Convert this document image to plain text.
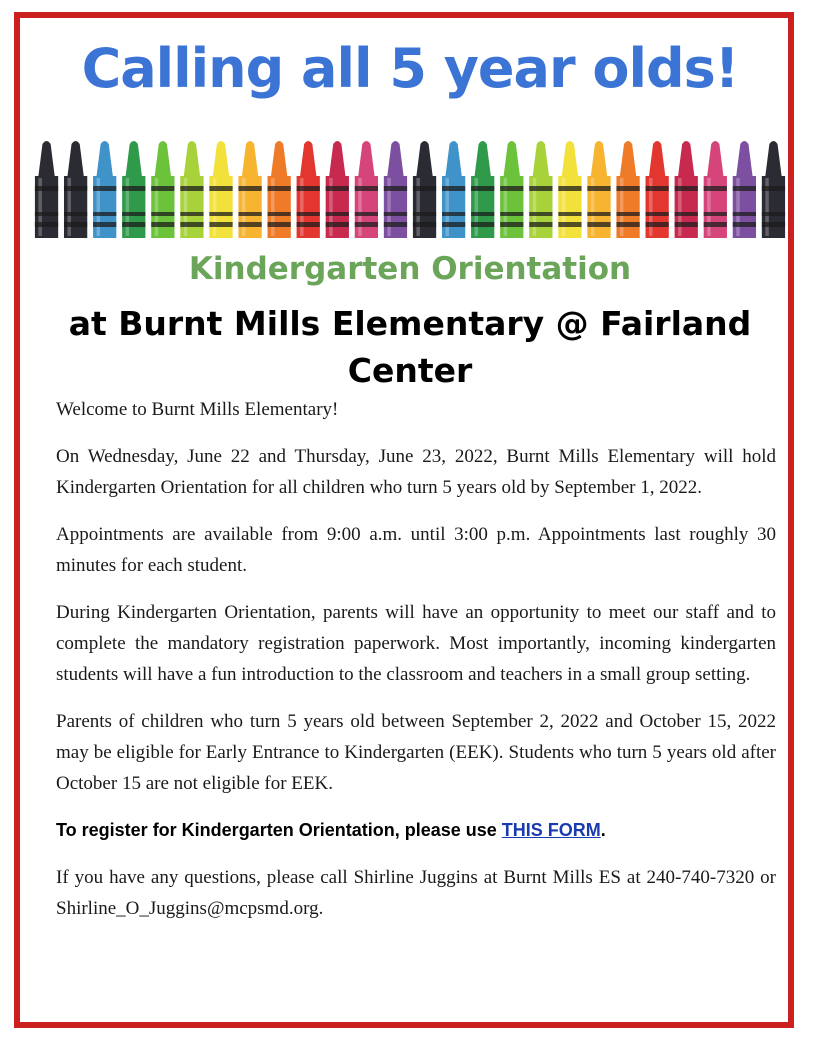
Calling all 5 year olds!
Kindergarten Orientation
at Burnt Mills Elementary @ Fairland Center

Welcome to Burnt Mills Elementary!

On Wednesday, June 22 and Thursday, June 23, 2022, Burnt Mills Elementary will hold Kindergarten Orientation for all children who turn 5 years old by September 1, 2022.

Appointments are available from 9:00 a.m. until 3:00 p.m. Appointments last roughly 30 minutes for each student.

During Kindergarten Orientation, parents will have an opportunity to meet our staff and to complete the mandatory registration paperwork. Most importantly, incoming kindergarten students will have a fun introduction to the classroom and teachers in a small group setting.

Parents of children who turn 5 years old between September 2, 2022 and October 15, 2022 may be eligible for Early Entrance to Kindergarten (EEK). Students who turn 5 years old after October 15 are not eligible for EEK.

To register for Kindergarten Orientation, please use THIS FORM.

If you have any questions, please call Shirline Juggins at Burnt Mills ES at 240-740-7320 or Shirline_O_Juggins@mcpsmd.org.
